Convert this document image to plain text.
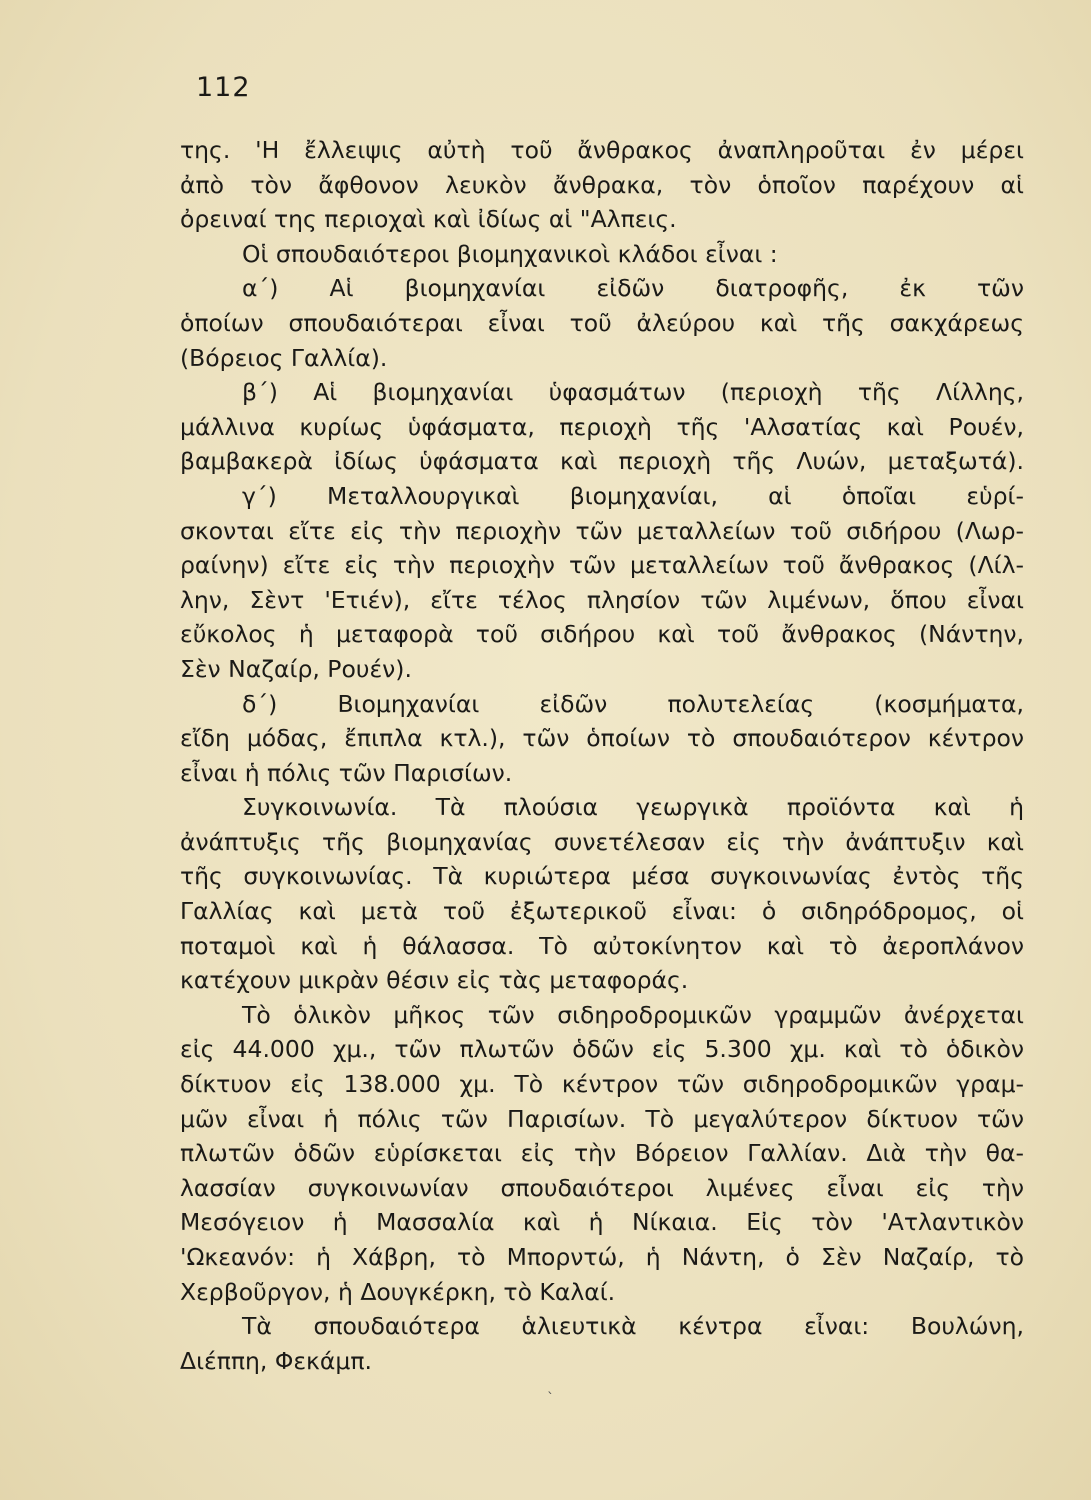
112
της. 'Η ἔλλειψις αὐτὴ τοῦ ἄνθρακος ἀναπληροῦται ἐν μέρει
ἀπὸ τὸν ἄφθονον λευκὸν ἄνθρακα, τὸν ὁποῖον παρέχουν αἱ
ὀρειναί της περιοχαὶ καὶ ἰδίως αἱ "Αλπεις.
Οἱ σπουδαιότεροι βιομηχανικοὶ κλάδοι εἶναι :
α΄) Αἱ βιομηχανίαι εἰδῶν διατροφῆς, ἐκ τῶν
ὁποίων σπουδαιότεραι εἶναι τοῦ ἀλεύρου καὶ τῆς σακχάρεως
(Βόρειος Γαλλία).
β΄) Αἱ βιομηχανίαι ὑφασμάτων (περιοχὴ τῆς Λίλλης,
μάλλινα κυρίως ὑφάσματα, περιοχὴ τῆς 'Αλσατίας καὶ Ρουέν,
βαμβακερὰ ἰδίως ὑφάσματα καὶ περιοχὴ τῆς Λυών, μεταξωτά).
γ΄) Μεταλλουργικαὶ βιομηχανίαι, αἱ ὁποῖαι εὑρί-
σκονται εἴτε εἰς τὴν περιοχὴν τῶν μεταλλείων τοῦ σιδήρου (Λωρ-
ραίνην) εἴτε εἰς τὴν περιοχὴν τῶν μεταλλείων τοῦ ἄνθρακος (Λίλ-
λην, Σὲντ 'Ετιέν), εἴτε τέλος πλησίον τῶν λιμένων, ὅπου εἶναι
εὔκολος ἡ μεταφορὰ τοῦ σιδήρου καὶ τοῦ ἄνθρακος (Νάντην,
Σὲν Ναζαίρ, Ρουέν).
δ΄) Βιομηχανίαι εἰδῶν πολυτελείας (κοσμήματα,
εἴδη μόδας, ἔπιπλα κτλ.), τῶν ὁποίων τὸ σπουδαιότερον κέντρον
εἶναι ἡ πόλις τῶν Παρισίων.
Συγκοινωνία. Τὰ πλούσια γεωργικὰ προϊόντα καὶ ἡ
ἀνάπτυξις τῆς βιομηχανίας συνετέλεσαν εἰς τὴν ἀνάπτυξιν καὶ
τῆς συγκοινωνίας. Τὰ κυριώτερα μέσα συγκοινωνίας ἐντὸς τῆς
Γαλλίας καὶ μετὰ τοῦ ἐξωτερικοῦ εἶναι: ὁ σιδηρόδρομος, οἱ
ποταμοὶ καὶ ἡ θάλασσα. Τὸ αὐτοκίνητον καὶ τὸ ἀεροπλάνον
κατέχουν μικρὰν θέσιν εἰς τὰς μεταφοράς.
Τὸ ὁλικὸν μῆκος τῶν σιδηροδρομικῶν γραμμῶν ἀνέρχεται
εἰς 44.000 χμ., τῶν πλωτῶν ὁδῶν εἰς 5.300 χμ. καὶ τὸ ὁδικὸν
δίκτυον εἰς 138.000 χμ. Τὸ κέντρον τῶν σιδηροδρομικῶν γραμ-
μῶν εἶναι ἡ πόλις τῶν Παρισίων. Τὸ μεγαλύτερον δίκτυον τῶν
πλωτῶν ὁδῶν εὑρίσκεται εἰς τὴν Βόρειον Γαλλίαν. Διὰ τὴν θα-
λασσίαν συγκοινωνίαν σπουδαιότεροι λιμένες εἶναι εἰς τὴν
Μεσόγειον ἡ Μασσαλία καὶ ἡ Νίκαια. Εἰς τὸν 'Ατλαντικὸν
'Ωκεανόν: ἡ Χάβρη, τὸ Μπορντώ, ἡ Νάντη, ὁ Σὲν Ναζαίρ, τὸ
Χερβοῦργον, ἡ Δουγκέρκη, τὸ Καλαί.
Τὰ σπουδαιότερα ἁλιευτικὰ κέντρα εἶναι: Βουλώνη,
Διέππη, Φεκάμπ.
`
